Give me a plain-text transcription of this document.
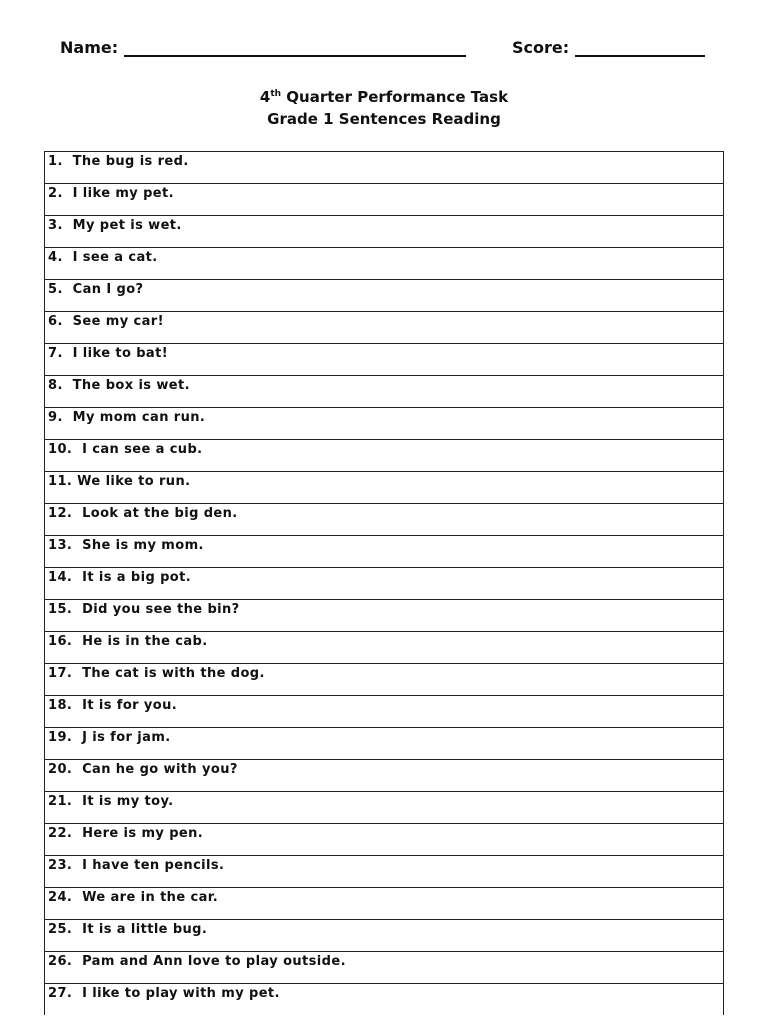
Name:	Score:
4th Quarter Performance Task
Grade 1 Sentences Reading
1.  The bug is red.
2.  I like my pet.
3.  My pet is wet.
4.  I see a cat.
5.  Can I go?
6.  See my car!
7.  I like to bat!
8.  The box is wet.
9.  My mom can run.
10.  I can see a cub.
11. We like to run.
12.  Look at the big den.
13.  She is my mom.
14.  It is a big pot.
15.  Did you see the bin?
16.  He is in the cab.
17.  The cat is with the dog.
18.  It is for you.
19.  J is for jam.
20.  Can he go with you?
21.  It is my toy.
22.  Here is my pen.
23.  I have ten pencils.
24.  We are in the car.
25.  It is a little bug.
26.  Pam and Ann love to play outside.
27.  I like to play with my pet.
